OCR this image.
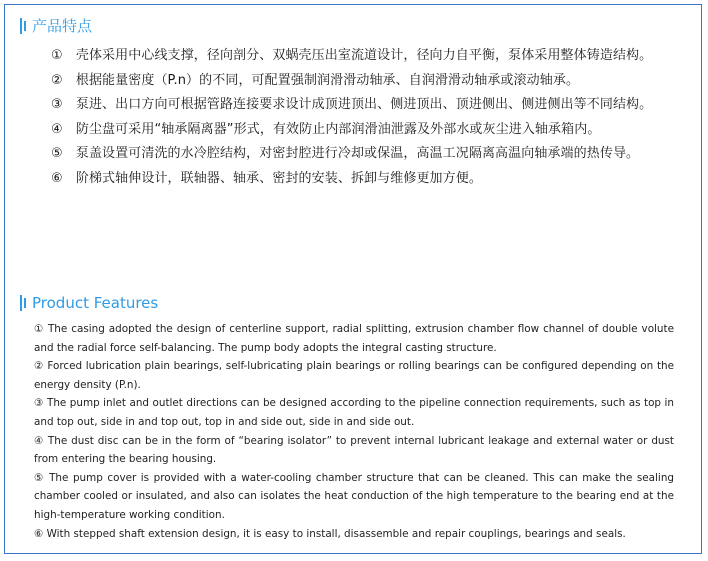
产品特点
①　壳体采用中心线支撑，径向剖分、双蜗壳压出室流道设计，径向力自平衡，泵体采用整体铸造结构。
②　根据能量密度（P.n）的不同，可配置强制润滑滑动轴承、自润滑滑动轴承或滚动轴承。
③　泵进、出口方向可根据管路连接要求设计成顶进顶出、侧进顶出、顶进侧出、侧进侧出等不同结构。
④　防尘盘可采用“轴承隔离器”形式，有效防止内部润滑油泄露及外部水或灰尘进入轴承箱内。
⑤　泵盖设置可清洗的水冷腔结构，对密封腔进行冷却或保温，高温工况隔离高温向轴承端的热传导。
⑥　阶梯式轴伸设计，联轴器、轴承、密封的安装、拆卸与维修更加方便。
Product Features
① The casing adopted the design of centerline support, radial splitting, extrusion chamber flow channel of double volute and the radial force self-balancing. The pump body adopts the integral casting structure.
② Forced lubrication plain bearings, self-lubricating plain bearings or rolling bearings can be configured depending on the energy density (P.n).
③ The pump inlet and outlet directions can be designed according to the pipeline connection requirements, such as top in and top out, side in and top out, top in and side out, side in and side out.
④ The dust disc can be in the form of “bearing isolator” to prevent internal lubricant leakage and external water or dust from entering the bearing housing.
⑤ The pump cover is provided with a water-cooling chamber structure that can be cleaned. This can make the sealing chamber cooled or insulated, and also can isolates the heat conduction of the high temperature to the bearing end at the high-temperature working condition.
⑥ With stepped shaft extension design, it is easy to install, disassemble and repair couplings, bearings and seals.
